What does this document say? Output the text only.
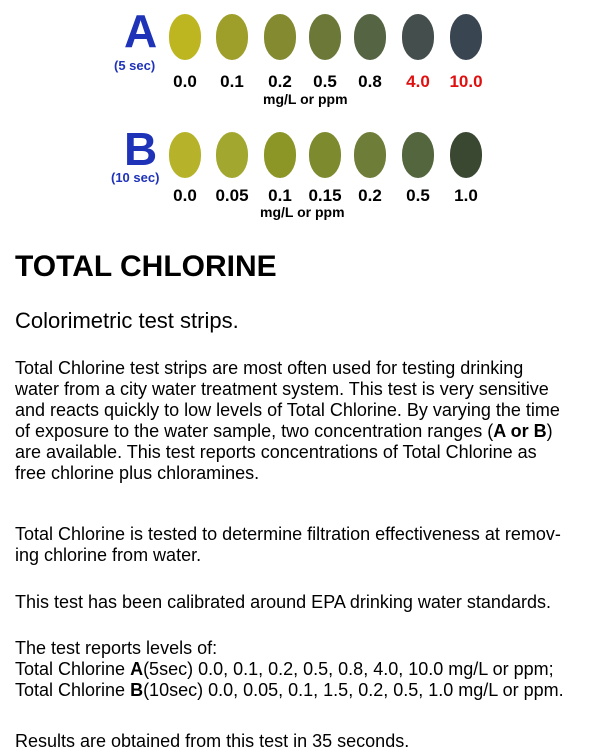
A
(5 sec)
mg/L or ppm
0.0	0.1	0.2	0.5	0.8	4.0	10.0
B
(10 sec)
mg/L or ppm
0.0	0.05	0.1 0.15 0.2	0.5	1.0
TOTAL CHLORINE
Colorimetric test strips.

Total Chlorine test strips are most often used for testing drinking
water from a city water treatment system. This test is very sensitive
and reacts quickly to low levels of Total Chlorine. By varying the time
of exposure to the water sample, two concentration ranges (A or B)
are available. This test reports concentrations of Total Chlorine as
free chlorine plus chloramines.

Total Chlorine is tested to determine filtration effectiveness at remov-
ing chlorine from water.

This test has been calibrated around EPA drinking water standards.

The test reports levels of:
Total Chlorine A(5sec) 0.0, 0.1, 0.2, 0.5, 0.8, 4.0, 10.0 mg/L or ppm;
Total Chlorine B(10sec) 0.0, 0.05, 0.1, 1.5, 0.2, 0.5, 1.0 mg/L or ppm.

Results are obtained from this test in 35 seconds.
